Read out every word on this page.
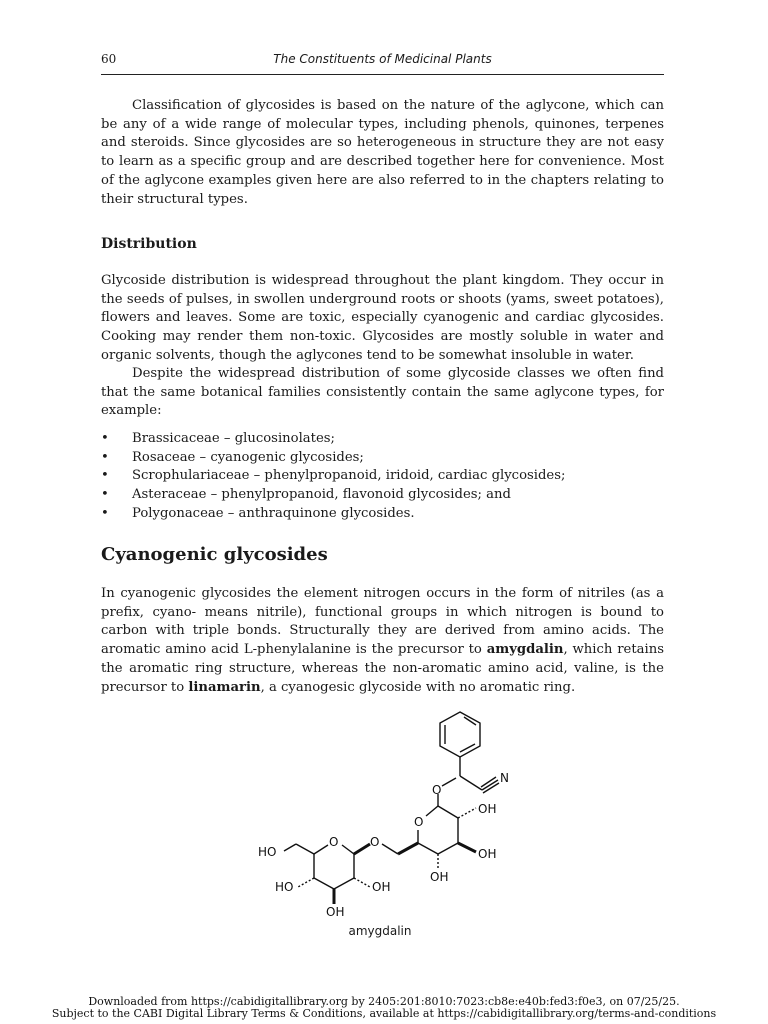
60	The Constituents of Medicinal Plants

Classification of glycosides is based on the nature of the aglycone, which can be any of a wide range of molecular types, including phenols, quinones, terpenes and steroids. Since glycosides are so heterogeneous in structure they are not easy to learn as a specific group and are described together here for convenience. Most of the aglycone examples given here are also referred to in the chapters relating to their structural types.

Distribution

Glycoside distribution is widespread throughout the plant kingdom. They occur in the seeds of pulses, in swollen underground roots or shoots (yams, sweet potatoes), flowers and leaves. Some are toxic, especially cyanogenic and cardiac glycosides. Cooking may render them non-toxic. Glycosides are mostly soluble in water and organic solvents, though the aglycones tend to be somewhat insoluble in water.

Despite the widespread distribution of some glycoside classes we often find that the same botanical families consistently contain the same aglycone types, for example:

• Brassicaceae – glucosinolates;
• Rosaceae – cyanogenic glycosides;
• Scrophulariaceae – phenylpropanoid, iridoid, cardiac glycosides;
• Asteraceae – phenylpropanoid, flavonoid glycosides; and
• Polygonaceae – anthraquinone glycosides.
Cyanogenic glycosides

In cyanogenic glycosides the element nitrogen occurs in the form of nitriles (as a prefix, cyano- means nitrile), functional groups in which nitrogen is bound to carbon with triple bonds. Structurally they are derived from amino acids. The aromatic amino acid L-phenylalanine is the precursor to amygdalin, which retains the aromatic ring structure, whereas the non-aromatic amino acid, valine, is the precursor to linamarin, a cyanogesic glycoside with no aromatic ring.

N
O
O
OH
OH
OH
O
O
HO
HO	OH
OH
amygdalin
Downloaded from https://cabidigitallibrary.org by 2405:201:8010:7023:cb8e:e40b:fed3:f0e3, on 07/25/25.
Subject to the CABI Digital Library Terms & Conditions, available at https://cabidigitallibrary.org/terms-and-conditions
